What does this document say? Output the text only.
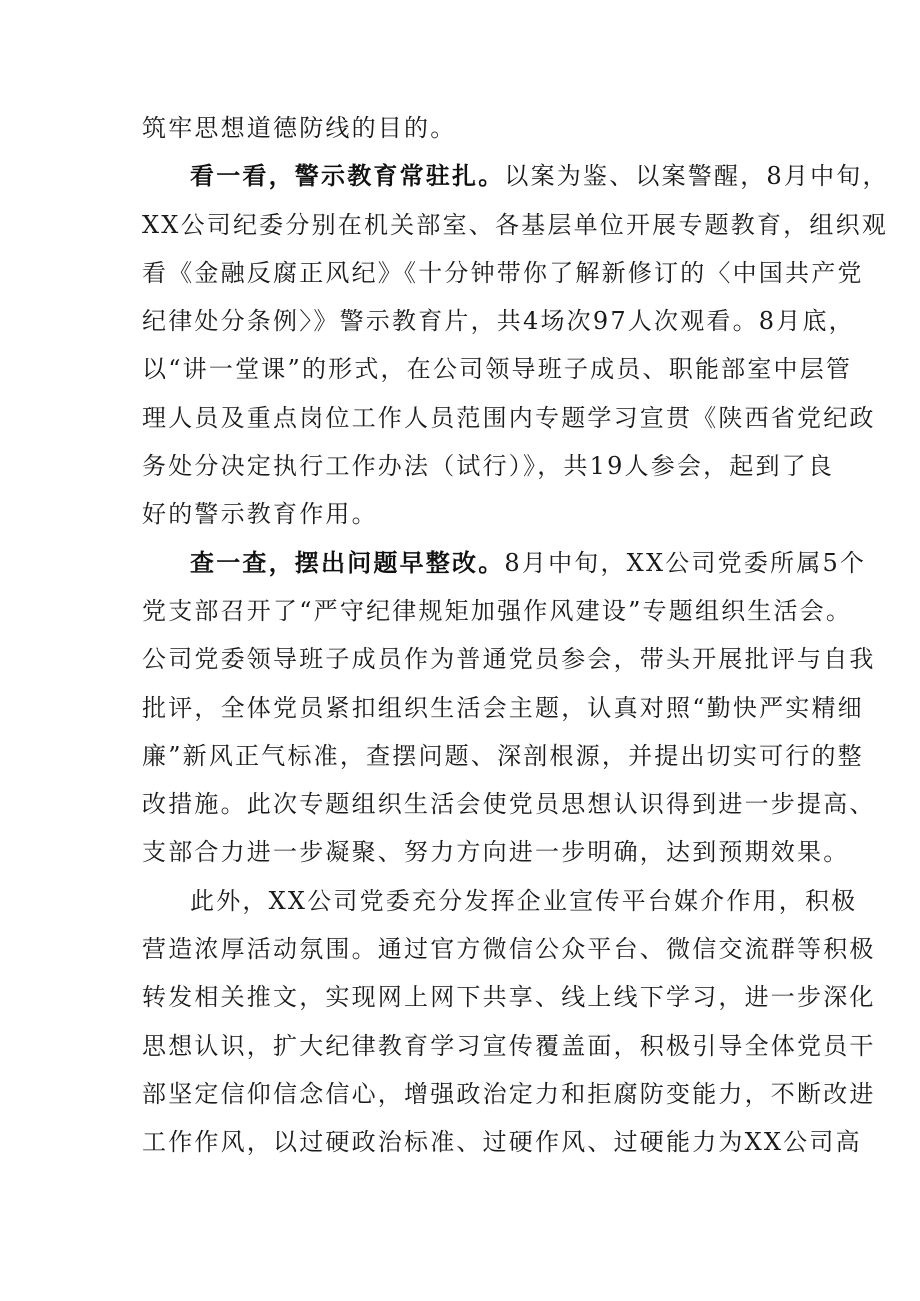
筑牢思想道德防线的目的。
看一看，警示教育常驻扎。以案为鉴、以案警醒，8月中旬，
XX公司纪委分别在机关部室、各基层单位开展专题教育，组织观
看《金融反腐正风纪》《十分钟带你了解新修订的〈中国共产党
纪律处分条例〉》警示教育片，共4场次97人次观看。8月底，
以“讲一堂课”的形式，在公司领导班子成员、职能部室中层管
理人员及重点岗位工作人员范围内专题学习宣贯《陕西省党纪政
务处分决定执行工作办法（试行）》，共19人参会，起到了良
好的警示教育作用。
查一查，摆出问题早整改。8月中旬，XX公司党委所属5个
党支部召开了“严守纪律规矩加强作风建设”专题组织生活会。
公司党委领导班子成员作为普通党员参会，带头开展批评与自我
批评，全体党员紧扣组织生活会主题，认真对照“勤快严实精细
廉”新风正气标准，查摆问题、深剖根源，并提出切实可行的整
改措施。此次专题组织生活会使党员思想认识得到进一步提高、
支部合力进一步凝聚、努力方向进一步明确，达到预期效果。
此外，XX公司党委充分发挥企业宣传平台媒介作用，积极
营造浓厚活动氛围。通过官方微信公众平台、微信交流群等积极
转发相关推文，实现网上网下共享、线上线下学习，进一步深化
思想认识，扩大纪律教育学习宣传覆盖面，积极引导全体党员干
部坚定信仰信念信心，增强政治定力和拒腐防变能力，不断改进
工作作风，以过硬政治标准、过硬作风、过硬能力为XX公司高
